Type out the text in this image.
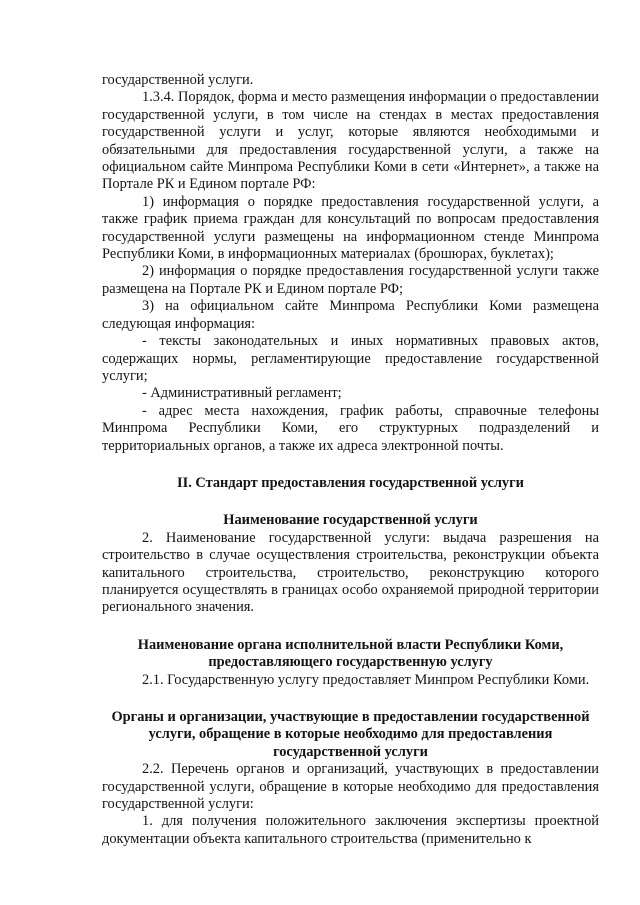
государственной услуги.

1.3.4. Порядок, форма и место размещения информации о предоставлении государственной услуги, в том числе на стендах в местах предоставления государственной услуги и услуг, которые являются необходимыми и обязательными для предоставления государственной услуги, а также на официальном сайте Минпрома Республики Коми в сети «Интернет», а также на Портале РК и Едином портале РФ:

1) информация о порядке предоставления государственной услуги, а также график приема граждан для консультаций по вопросам предоставления государственной услуги размещены на информационном стенде Минпрома Республики Коми, в информационных материалах (брошюрах, буклетах);

2) информация о порядке предоставления государственной услуги также размещена на Портале РК и Едином портале РФ;

3) на официальном сайте Минпрома Республики Коми размещена следующая информация:

- тексты законодательных и иных нормативных правовых актов, содержащих нормы, регламентирующие предоставление государственной услуги;

- Административный регламент;

- адрес места нахождения, график работы, справочные телефоны Минпрома Республики Коми, его структурных подразделений и территориальных органов, а также их адреса электронной почты.

II. Стандарт предоставления государственной услуги

Наименование государственной услуги

2. Наименование государственной услуги: выдача разрешения на строительство в случае осуществления строительства, реконструкции объекта капитального строительства, строительство, реконструкцию которого планируется осуществлять в границах особо охраняемой природной территории регионального значения.

Наименование органа исполнительной власти Республики Коми,

предоставляющего государственную услугу

2.1. Государственную услугу предоставляет Минпром Республики Коми.

Органы и организации, участвующие в предоставлении государственной

услуги, обращение в которые необходимо для предоставления

государственной услуги

2.2. Перечень органов и организаций, участвующих в предоставлении государственной услуги, обращение в которые необходимо для предоставления государственной услуги:

1. для получения положительного заключения экспертизы проектной документации объекта капитального строительства (применительно к
